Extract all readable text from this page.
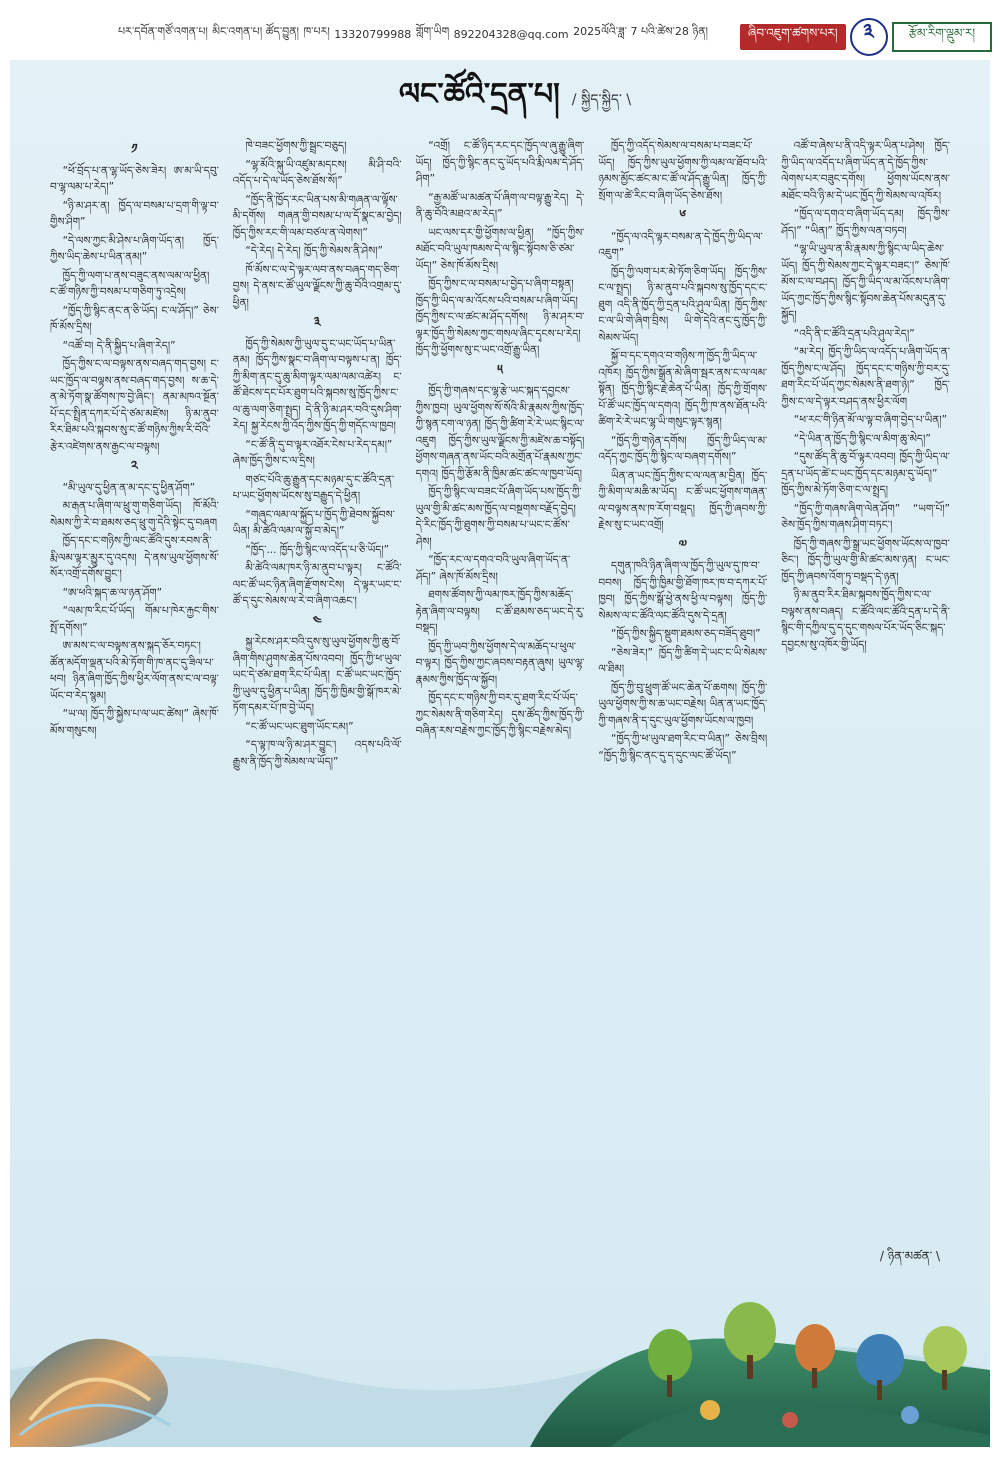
པར་དབོན་གཙོ་འགན་པ། མིང་འགན་པ། ཚོད་བྱུན། ཁ་པར། 13320799988 གློག་ཡིག 892204328@qq.com 2025ལོའི་ཟླ་ 7 པའི་ཚེས་28 ཉིན།	ཞིབ་འཇུག་ཚགས་པར།	༣	རྩོམ་རིག་ལྡུམ་ར།
ལང་ཚོའི་དྲན་པ། / སྐྱིད་སྐྱིད་ \
༡

“ཕོ་བྲོད་པ་ན་ལྷ་ཡོད་ཅེས་ཟེར། ཨ་མ་ཡི་དབུ་བ་ལྷ་ལམ་པ་རེད།”

“ཉི་མ་ཤར་ན། ཁྱོད་ལ་བསམ་པ་དྲག་གི་ལྟ་བ་གྱིས་ཤིག”

“དེ་ལས་ཀྱང་མི་ཤེས་པ་ཞིག་ཡོད་ན། ཁྱོད་ཀྱིས་ཡིད་ཆེས་པ་ཡིན་ནམ།”

ཁྱོད་ཀྱི་ལག་པ་ནས་བཟུང་ནས་ལམ་ལ་ཕྱིན། ང་ཚོ་གཉིས་ཀྱི་བསམ་པ་གཅིག་ཏུ་འདྲེས།

“ཁྱོད་ཀྱི་སྙིང་ནང་ན་ཅི་ཡོད། ང་ལ་ཤོད།” ཅེས་ཁོ་མོས་དྲིས།

“འཚོ་བ། དེ་ནི་སྐྱིད་པ་ཞིག་རེད།”

ཁྱོད་ཀྱིས་ང་ལ་བལྟས་ནས་བཞད་གད་བྱས། ང་ཡང་ཁྱོད་ལ་བལྟས་ནས་བཞད་གད་བྱས། ས་ཆ་དེ་ན་མེ་ཏོག་སྣ་ཚོགས་ཁ་བྱེ་ཞིང་། ནམ་མཁའ་སྔོན་པོ་དང་སྤྲིན་དཀར་པོ་དེ་ཙམ་མཛེས། ཉི་མ་ནུབ་རིར་ཐིམ་པའི་སྐབས་སུ་ང་ཚོ་གཉིས་ཀྱིས་རི་བོའི་རྩེར་འཛེགས་ནས་རྒྱང་ལ་བལྟས།

༢

“མི་ཡུལ་དུ་ཕྱིན་ན་མ་དང་དུ་ཕྱིན་ཤོག”

མ་རྒན་པ་ཞིག་ལ་ཕྲུ་གུ་གཅིག་ཡོད། ཁོ་མོའི་སེམས་ཀྱི་རེ་བ་ཐམས་ཅད་ཕྲུ་གུ་དེའི་སྟེང་དུ་བཞག

ཁྱོད་དང་ང་གཉིས་ཀྱི་ལང་ཚོའི་དུས་རབས་ནི་རྨི་ལམ་ལྟར་མྱུར་དུ་འདས། དེ་ནས་ཡུལ་ཕྱོགས་སོ་སོར་འགྲོ་དགོས་བྱུང་།

“ཨ་ཕའི་སྐད་ཆ་ལ་ཉན་ཤོག”

“ལམ་ཁ་རིང་པོ་ཡོད། གོམ་པ་ཁེར་རྐྱང་གིས་སྤོ་དགོས།”

ཨ་མས་ང་ལ་བལྟས་ནས་སྐད་ཅོར་བཏང་། ཚོན་མདོག་ལྡན་པའི་མེ་ཏོག་གི་ཁ་ནང་དུ་ཟིལ་པ་ཕབ། ཉིན་ཞིག་ཁྱོད་ཀྱིས་ཕྱིར་ལོག་ནས་ང་ལ་བལྟ་ཡོང་བ་རེད་སྙམ།

“ཡ་ལ། ཁྱོད་ཀྱི་སྐྱེས་པ་ལ་ཡང་ཚེས།” ཞེས་ཁོ་མོས་གསུངས།

ཁེ་བཟང་ཕྱོགས་ཀྱི་སྦྲང་བཅུད།

“ལྷ་མོའི་སྐུ་ཡི་འཛུམ་མདངས། མི་ཤི་བའི་འདོད་པ་དེ་ལ་ཡོད་ཅེས་ཐོས་སོ།”

“ཁྱོད་ནི་ཁྱོད་རང་ཡིན་པས་མི་གཞན་ལ་ལྟོས་མི་དགོས། གཞན་གྱི་བསམ་པ་ལ་དོ་སྣང་མ་བྱེད། ཁྱོད་ཀྱིས་རང་གི་ལམ་བཙལ་ན་ལེགས།”

“དེ་རེད། དེ་རེད། ཁྱོད་ཀྱི་སེམས་ནི་ཤེས།”

ཁོ་མོས་ང་ལ་དེ་ལྟར་ལབ་ནས་བཞད་གད་ཅིག་བྱས། དེ་ནས་ང་ཚོ་ཡུལ་ལྗོངས་ཀྱི་ཆུ་བོའི་འགྲམ་དུ་ཕྱིན།

༣

ཁྱོད་ཀྱི་སེམས་ཀྱི་ཡུལ་དུ་ང་ཡང་ཡོད་པ་ཡིན་ནམ། ཁྱོད་ཀྱིས་སྣང་བ་ཞིག་ལ་བལྟས་པ་ན། ཁྱོད་ཀྱི་མིག་ནང་དུ་ཆུ་མིག་ལྟར་ལམ་ལམ་འཚེར། ང་ཚོ་ཐེངས་དང་པོར་ཐུག་པའི་སྐབས་སུ་ཁྱོད་ཀྱིས་ང་ལ་ཆུ་ལག་ཅིག་སྤྲད། དེ་ནི་ཉི་མ་ཤར་བའི་དུས་ཤིག་རེད། སྐྱ་རེངས་ཀྱི་འོད་ཀྱིས་ཁྱོད་ཀྱི་གདོང་ལ་ཁྱབ།

“ང་ཚོ་ནི་དུ་བ་ལྟར་འཐོར་ངེས་པ་རེད་དམ།” ཞེས་ཁྱོད་ཀྱིས་ང་ལ་དྲིས།

གཙང་པོའི་ཆུ་རྒྱུན་དང་མཉམ་དུ་ང་ཚོའི་དྲན་པ་ཡང་ཕྱོགས་ཡོངས་སུ་བརྒྱུད་དེ་ཕྱིན།

“གཞུང་ལམ་ལ་སྐྱོད་པ་ཁྱོད་ཀྱི་ཐེབས་སྐྱོབས་ཡིན། མི་ཚེའི་ལམ་ལ་སྐྱོ་བ་མེད།”

“ཁྱོད་... ཁྱོད་ཀྱི་སྙིང་ལ་འདོད་པ་ཅི་ཡོད།”

མི་ཚེའི་ལམ་ཁར་ཉི་མ་ནུབ་པ་ལྟར། ང་ཚོའི་ལང་ཚོ་ཡང་ཉིན་ཞིག་རྫོགས་ངེས། དེ་ལྟར་ཡང་ང་ཚོ་ད་དུང་སེམས་ལ་རེ་བ་ཞིག་འཆང་།

༤

སྐྱ་རེངས་ཤར་བའི་དུས་སུ་ཡུལ་ཕྱོགས་ཀྱི་ཆུ་བོ་ཞིག་གིས་ཤུགས་ཆེན་པོས་འབབ། ཁྱོད་ཀྱི་ཕ་ཡུལ་ཡང་དེ་ཙམ་ཐག་རིང་པོ་ཡིན། ང་ཚོ་ཡང་ཡང་ཁྱོད་ཀྱི་ཡུལ་དུ་ཕྱིན་པ་ཡིན། ཁྱོད་ཀྱི་ཁྱིམ་གྱི་སྒོ་ཁར་མེ་ཏོག་དམར་པོ་ཁ་བྱེ་ཡོད།

“ང་ཚོ་ཡང་ཡང་ཐུག་ཡོང་ངམ།”

“ད་ལྟ་ཁ་ལ་ཉི་མ་ཤར་བྱུང་། འདས་པའི་ལོ་རྒྱུས་ནི་ཁྱོད་ཀྱི་སེམས་ལ་ཡོད།”

“འགྲོ། ང་ཚོ་ཉིད་རང་དང་ཁྱོད་ལ་ཞུ་རྒྱུ་ཞིག་ཡོད། ཁྱོད་ཀྱི་སྙིང་ནང་དུ་ཡོད་པའི་རྨི་ལམ་དེ་ཤོད་ཤིག”

“རྒྱ་མཚོ་ཡ་མཚན་པོ་ཞིག་ལ་བལྟ་རྒྱུ་རེད། དེ་ནི་ཆུ་བོའི་མཐའ་མ་རེད།”

ཡང་ལས་དར་གྱི་ཕྱོགས་ལ་ཕྱིན། “ཁྱོད་ཀྱིས་མཐོང་བའི་ཡུལ་ཁམས་དེ་ལ་སྙིང་སྟོབས་ཅི་ཙམ་ཡོད།” ཅེས་ཁོ་མོས་དྲིས།

ཁྱོད་ཀྱིས་ང་ལ་བསམ་པ་བྱེད་པ་ཞིག་བསྟན། ཁྱོད་ཀྱི་ཡིད་ལ་མ་འོངས་པའི་བསམ་པ་ཞིག་ཡོད། ཁྱོད་ཀྱིས་ང་ལ་ཚང་མ་ཤོད་དགོས། ཉི་མ་ཤར་བ་ལྟར་ཁྱོད་ཀྱི་སེམས་ཀྱང་གསལ་ཞིང་དྭངས་པ་རེད། ཁྱོད་ཀྱི་ཕྱོགས་སུ་ང་ཡང་འགྲོ་རྒྱུ་ཡིན།

༥

ཁྱོད་ཀྱི་གཞས་དང་ལྷ་རྩེ་ཡང་སྐད་དབྱངས་ཀྱིས་ཁྱབ། ཡུལ་ཕྱོགས་སོ་སོའི་མི་རྣམས་ཀྱིས་ཁྱོད་ཀྱི་སྙན་ངག་ལ་ཉན། ཁྱོད་ཀྱི་ཚིག་རེ་རེ་ཡང་སྙིང་ལ་འཇུག ཁྱོད་ཀྱིས་ཡུལ་ལྗོངས་ཀྱི་མཛེས་ཆ་བསྟོད། ཕྱོགས་གཞན་ནས་ཡོང་བའི་མགྲོན་པོ་རྣམས་ཀྱང་དགའ། ཁྱོད་ཀྱི་རྩོམ་ནི་ཁྱིམ་ཚང་ཚང་ལ་ཁྱབ་ཡོད།

ཁྱོད་ཀྱི་སྙིང་ལ་བཟང་པོ་ཞིག་ཡོད་པས་ཁྱོད་ཀྱི་ཡུལ་གྱི་མི་ཚང་མས་ཁྱོད་ལ་བསྔགས་བརྗོད་བྱེད། དེ་རིང་ཁྱོད་ཀྱི་ཐུགས་ཀྱི་བསམ་པ་ཡང་ང་ཚོས་ཤེས།

“ཁྱོད་རང་ལ་དགའ་བའི་ཡུལ་ཞིག་ཡོད་ན་ཤོད།” ཞེས་ཁོ་མོས་དྲིས།

ཐགས་ཚོགས་ཀྱི་ལམ་ཁར་ཁྱོད་ཀྱིས་མཆོད་རྟེན་ཞིག་ལ་བལྟས། ང་ཚོ་ཐམས་ཅད་ཡང་དེ་རུ་བསྡད།

ཁྱོད་ཀྱི་ཡབ་ཀྱིས་ཕྱོགས་དེ་ལ་མཆོད་པ་ཕུལ་བ་ལྟར། ཁྱོད་ཀྱིས་ཀྱང་ཞབས་བརྟན་ཞུས། ཡུལ་ལྷ་རྣམས་ཀྱིས་ཁྱོད་ལ་སྐྱོབ།

ཁྱོད་དང་ང་གཉིས་ཀྱི་བར་དུ་ཐག་རིང་པོ་ཡོད་ཀྱང་སེམས་ནི་གཅིག་རེད། དུས་ཚོད་ཀྱིས་ཁྱོད་ཀྱི་བཞིན་རས་བརྗེས་ཀྱང་ཁྱོད་ཀྱི་སྙིང་བརྗེས་མེད།

ཁྱོད་ཀྱི་འདོད་སེམས་ལ་བསམ་པ་བཟང་པོ་ཡོད། ཁྱོད་ཀྱིས་ཡུལ་ཕྱོགས་ཀྱི་ལམ་ལ་ཐོབ་པའི་ཉམས་མྱོང་ཚང་མ་ང་ཚོ་ལ་ཤོད་རྒྱུ་ཡིན། ཁྱོད་ཀྱི་སྲོག་ལ་ཚེ་རིང་བ་ཞིག་ཡོད་ཅེས་ཐོས།

༦

“ཁྱོད་ལ་འདི་ལྟར་བསམ་ན་དེ་ཁྱོད་ཀྱི་ཡིད་ལ་འཇུག”

ཁྱོད་ཀྱི་ལག་པར་མེ་ཏོག་ཅིག་ཡོད། ཁྱོད་ཀྱིས་ང་ལ་སྤྲད། ཉི་མ་ནུབ་པའི་སྐབས་སུ་ཁྱོད་དང་ང་ཐུག འདི་ནི་ཁྱོད་ཀྱི་དྲན་པའི་ཤུལ་ཡིན། ཁྱོད་ཀྱིས་ང་ལ་ཡི་གེ་ཞིག་བྲིས། ཡི་གེ་དེའི་ནང་དུ་ཁྱོད་ཀྱི་སེམས་ཡོད།

སྐྱོ་བ་དང་དགའ་བ་གཉིས་ཀ་ཁྱོད་ཀྱི་ཡིད་ལ་འཁོར། ཁྱོད་ཀྱིས་སྒྲོན་མེ་ཞིག་སྦར་ནས་ང་ལ་ལམ་སྟོན། ཁྱོད་ཀྱི་སྙིང་རྗེ་ཆེན་པོ་ཡིན། ཁྱོད་ཀྱི་གྲོགས་པོ་ཚོ་ཡང་ཁྱོད་ལ་དགའ། ཁྱོད་ཀྱི་ཁ་ནས་ཐོན་པའི་ཚིག་རེ་རེ་ཡང་ལྷ་ཡི་གསུང་ལྟར་སྙན།

“ཁྱོད་ཀྱི་གཉེན་དགོས། ཁྱོད་ཀྱི་ཡིད་ལ་མ་འདོད་ཀྱང་ཁྱོད་ཀྱི་སྙིང་ལ་བཞག་དགོས།”

ཡིན་ན་ཡང་ཁྱོད་ཀྱིས་ང་ལ་ལན་མ་བྱིན། ཁྱོད་ཀྱི་མིག་ལ་མཆི་མ་ཡོད། ང་ཚོ་ཡང་ཕྱོགས་གཞན་ལ་བལྟས་ནས་ཁ་རོག་བསྡད། ཁྱོད་ཀྱི་ཞབས་ཀྱི་རྗེས་སུ་ང་ཡང་འགྲོ།

༧

དགུན་ཁའི་ཉིན་ཞིག་ལ་ཁྱོད་ཀྱི་ཡུལ་དུ་ཁ་བ་བབས། ཁྱོད་ཀྱི་ཁྱིམ་གྱི་ཐོག་ཁར་ཁ་བ་དཀར་པོ་ཁྱབ། ཁྱོད་ཀྱིས་སྒོ་ཕྱེ་ནས་ཕྱི་ལ་བལྟས། ཁྱོད་ཀྱི་སེམས་ལ་ང་ཚོའི་ལང་ཚོའི་དུས་དེ་དྲན།

“ཁྱོད་ཀྱིས་སྐྱིད་སྡུག་ཐམས་ཅད་བཟོད་ཐུབ།”

“ཅེས་ཟེར།” ཁྱོད་ཀྱི་ཚིག་དེ་ཡང་ང་ཡི་སེམས་ལ་ཐིམ།

ཁྱོད་ཀྱི་བུ་ཕྲུག་ཚོ་ཡང་ཆེན་པོ་ཆགས། ཁྱོད་ཀྱི་ཡུལ་ཕྱོགས་ཀྱི་ས་ཆ་ཡང་བརྗེས། ཡིན་ན་ཡང་ཁྱོད་ཀྱི་གཞས་ནི་ད་དུང་ཡུལ་ཕྱོགས་ཡོངས་ལ་ཁྱབ།

“ཁྱོད་ཀྱི་ཕ་ཡུལ་ཐག་རིང་བ་ཡིན།” ཅེས་བྲིས། “ཁྱོད་ཀྱི་སྙིང་ནང་དུ་ད་དུང་ལང་ཚོ་ཡོད།”

འཚོ་བ་ཞེས་པ་ནི་འདི་ལྟར་ཡིན་པ་ཤེས། ཁྱོད་ཀྱི་ཡིད་ལ་འདོད་པ་ཞིག་ཡོད་ན་དེ་ཁྱོད་ཀྱིས་ལེགས་པར་བཟུང་དགོས། ཕྱོགས་ཡོངས་ནས་མཐོང་བའི་ཉི་མ་དེ་ཡང་ཁྱོད་ཀྱི་སེམས་ལ་འཁོར།

“ཁྱོད་ལ་དགའ་བ་ཞིག་ཡོད་དམ། ཁྱོད་ཀྱིས་ཤོད།” “ཡིན།” ཁྱོད་ཀྱིས་ལན་བཏབ།

“ལྷ་ཡི་ཡུལ་ན་མི་རྣམས་ཀྱི་སྙིང་ལ་ཡིད་ཆེས་ཡོད། ཁྱོད་ཀྱི་སེམས་ཀྱང་དེ་ལྟར་བཟང་།” ཅེས་ཁོ་མོས་ང་ལ་བཤད། ཁྱོད་ཀྱི་ཡིད་ལ་མ་འོངས་པ་ཞིག་ཡོད་ཀྱང་ཁྱོད་ཀྱིས་སྙིང་སྟོབས་ཆེན་པོས་མདུན་དུ་སྐྱོད།

“འདི་ནི་ང་ཚོའི་དྲན་པའི་ཤུལ་རེད།”

“མ་རེད། ཁྱོད་ཀྱི་ཡིད་ལ་འདོད་པ་ཞིག་ཡོད་ན་ཁྱོད་ཀྱིས་ང་ལ་ཤོད། ཁྱོད་དང་ང་གཉིས་ཀྱི་བར་དུ་ཐག་རིང་པོ་ཡོད་ཀྱང་སེམས་ནི་ཐག་ཉེ།” ཁྱོད་ཀྱིས་ང་ལ་དེ་ལྟར་བཤད་ནས་ཕྱིར་ལོག

“ཕ་རང་གི་ཉིན་མོ་ལ་ལྟ་བ་ཞིག་བྱེད་པ་ཡིན།”

“དེ་ཡིན་ན་ཁྱོད་ཀྱི་སྙིང་ལ་མིག་ཆུ་མེད།”

“དུས་ཚོད་ནི་ཆུ་བོ་ལྟར་འབབ། ཁྱོད་ཀྱི་ཡིད་ལ་དྲན་པ་ཡོད་ཚེ་ང་ཡང་ཁྱོད་དང་མཉམ་དུ་ཡོད།” ཁྱོད་ཀྱིས་མེ་ཏོག་ཅིག་ང་ལ་སྤྲད།

“ཁྱོད་ཀྱི་གཞས་ཞིག་ལེན་ཤོག” “ཡག་པོ།” ཅེས་ཁྱོད་ཀྱིས་གཞས་ཤིག་བཏང་།

ཁྱོད་ཀྱི་གཞས་ཀྱི་སྒྲ་ཡང་ཕྱོགས་ཡོངས་ལ་ཁྱབ་ཅིང་། ཁྱོད་ཀྱི་ཡུལ་གྱི་མི་ཚང་མས་ཉན། ང་ཡང་ཁྱོད་ཀྱི་ཞབས་འོག་ཏུ་བསྡད་དེ་ཉན།

ཉི་མ་ནུབ་རིར་ཐིམ་སྐབས་ཁྱོད་ཀྱིས་ང་ལ་བལྟས་ནས་བཞད། ང་ཚོའི་ལང་ཚོའི་དྲན་པ་དེ་ནི་སྙིང་གི་དཀྱིལ་དུ་ད་དུང་གསལ་པོར་ཡོད་ཅིང་སྐད་དབྱངས་སུ་འཁོར་གྱི་ཡོད།
